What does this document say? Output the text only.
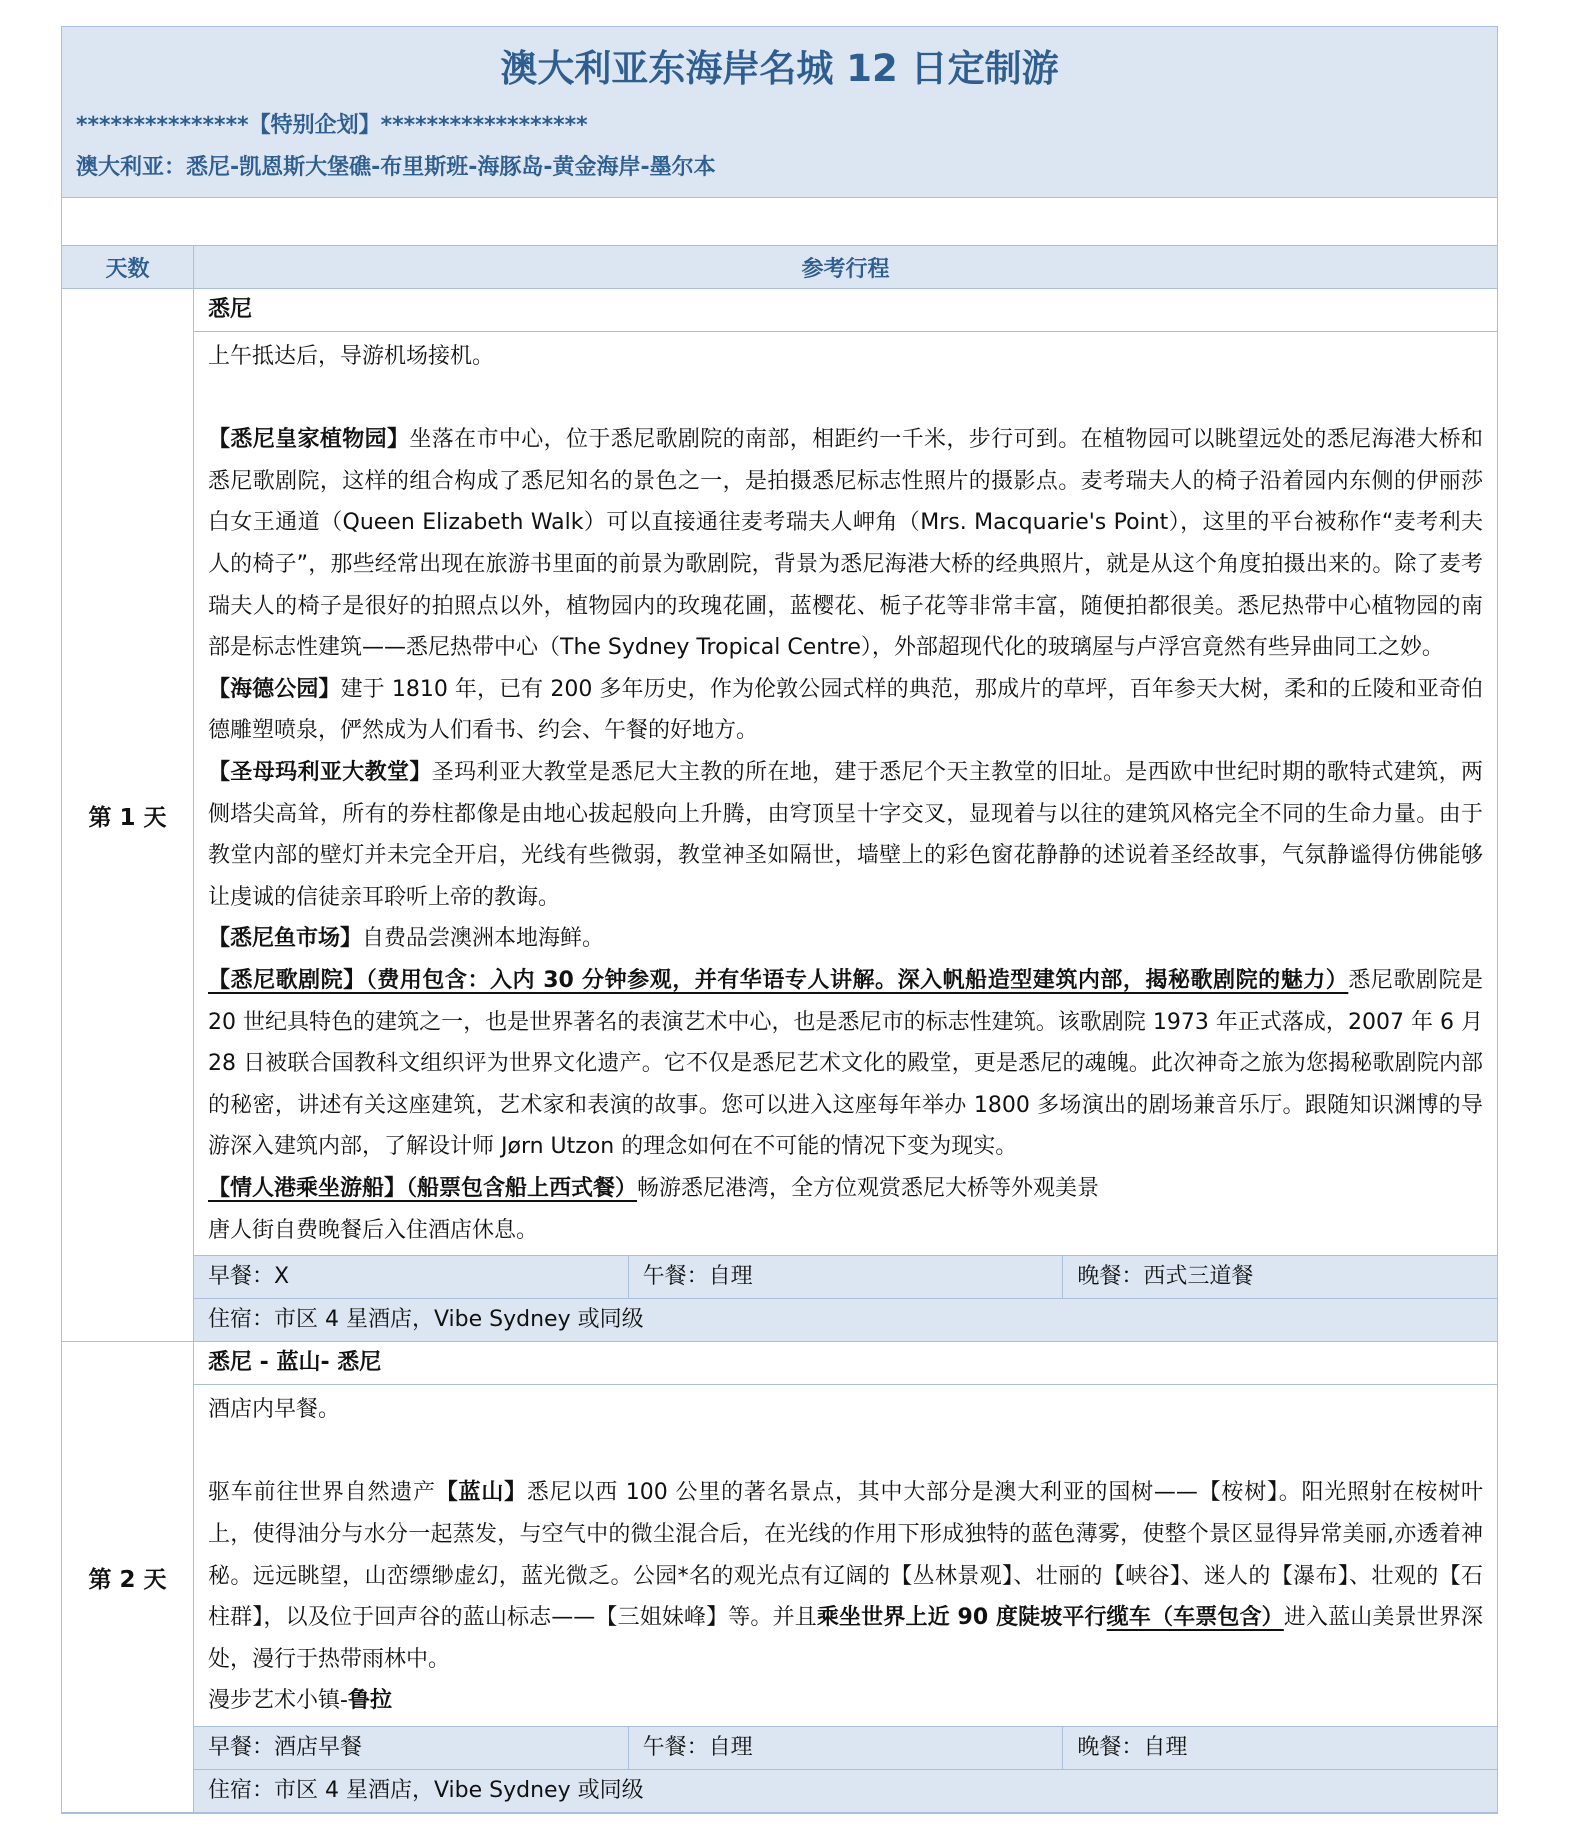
澳大利亚东海岸名城 12 日定制游
***************【特别企划】******************
澳大利亚：悉尼-凯恩斯大堡礁-布里斯班-海豚岛-黄金海岸-墨尔本
天数	参考行程
第 1 天
悉尼

上午抵达后，导游机场接机。

【悉尼皇家植物园】坐落在市中心，位于悉尼歌剧院的南部，相距约一千米，步行可到。在植物园可以眺望远处的悉尼海港大桥和悉尼歌剧院，这样的组合构成了悉尼知名的景色之一，是拍摄悉尼标志性照片的摄影点。麦考瑞夫人的椅子沿着园内东侧的伊丽莎白女王通道（Queen Elizabeth Walk）可以直接通往麦考瑞夫人岬角（Mrs. Macquarie's Point），这里的平台被称作“麦考利夫人的椅子”，那些经常出现在旅游书里面的前景为歌剧院，背景为悉尼海港大桥的经典照片，就是从这个角度拍摄出来的。除了麦考瑞夫人的椅子是很好的拍照点以外，植物园内的玫瑰花圃，蓝樱花、栀子花等非常丰富，随便拍都很美。悉尼热带中心植物园的南部是标志性建筑——悉尼热带中心（The Sydney Tropical Centre），外部超现代化的玻璃屋与卢浮宫竟然有些异曲同工之妙。

【海德公园】建于 1810 年，已有 200 多年历史，作为伦敦公园式样的典范，那成片的草坪，百年参天大树，柔和的丘陵和亚奇伯德雕塑喷泉，俨然成为人们看书、约会、午餐的好地方。

【圣母玛利亚大教堂】圣玛利亚大教堂是悉尼大主教的所在地，建于悉尼个天主教堂的旧址。是西欧中世纪时期的歌特式建筑，两侧塔尖高耸，所有的券柱都像是由地心拔起般向上升腾，由穹顶呈十字交叉，显现着与以往的建筑风格完全不同的生命力量。由于教堂内部的壁灯并未完全开启，光线有些微弱，教堂神圣如隔世，墙壁上的彩色窗花静静的述说着圣经故事，气氛静谧得仿佛能够让虔诚的信徒亲耳聆听上帝的教诲。

【悉尼鱼市场】自费品尝澳洲本地海鲜。

【悉尼歌剧院】（费用包含：入内 30 分钟参观，并有华语专人讲解。深入帆船造型建筑内部，揭秘歌剧院的魅力）悉尼歌剧院是 20 世纪具特色的建筑之一，也是世界著名的表演艺术中心，也是悉尼市的标志性建筑。该歌剧院 1973 年正式落成，2007 年 6 月 28 日被联合国教科文组织评为世界文化遗产。它不仅是悉尼艺术文化的殿堂，更是悉尼的魂魄。此次神奇之旅为您揭秘歌剧院内部的秘密，讲述有关这座建筑，艺术家和表演的故事。您可以进入这座每年举办 1800 多场演出的剧场兼音乐厅。跟随知识渊博的导游深入建筑内部，了解设计师 Jørn Utzon 的理念如何在不可能的情况下变为现实。

【情人港乘坐游船】（船票包含船上西式餐）畅游悉尼港湾，全方位观赏悉尼大桥等外观美景

唐人街自费晚餐后入住酒店休息。

早餐：X	午餐：自理	晚餐：西式三道餐
住宿：市区 4 星酒店，Vibe Sydney 或同级
第 2 天
悉尼 - 蓝山- 悉尼

酒店内早餐。

驱车前往世界自然遗产【蓝山】悉尼以西 100 公里的著名景点，其中大部分是澳大利亚的国树——【桉树】。阳光照射在桉树叶上，使得油分与水分一起蒸发，与空气中的微尘混合后，在光线的作用下形成独特的蓝色薄雾，使整个景区显得异常美丽,亦透着神秘。远远眺望，山峦缥缈虚幻，蓝光微乏。公园*名的观光点有辽阔的【丛林景观】、壮丽的【峡谷】、迷人的【瀑布】、壮观的【石柱群】，以及位于回声谷的蓝山标志——【三姐妹峰】等。并且乘坐世界上近 90 度陡坡平行缆车（车票包含）进入蓝山美景世界深处，漫行于热带雨林中。

漫步艺术小镇-鲁拉

早餐：酒店早餐	午餐：自理	晚餐：自理
住宿：市区 4 星酒店，Vibe Sydney 或同级
